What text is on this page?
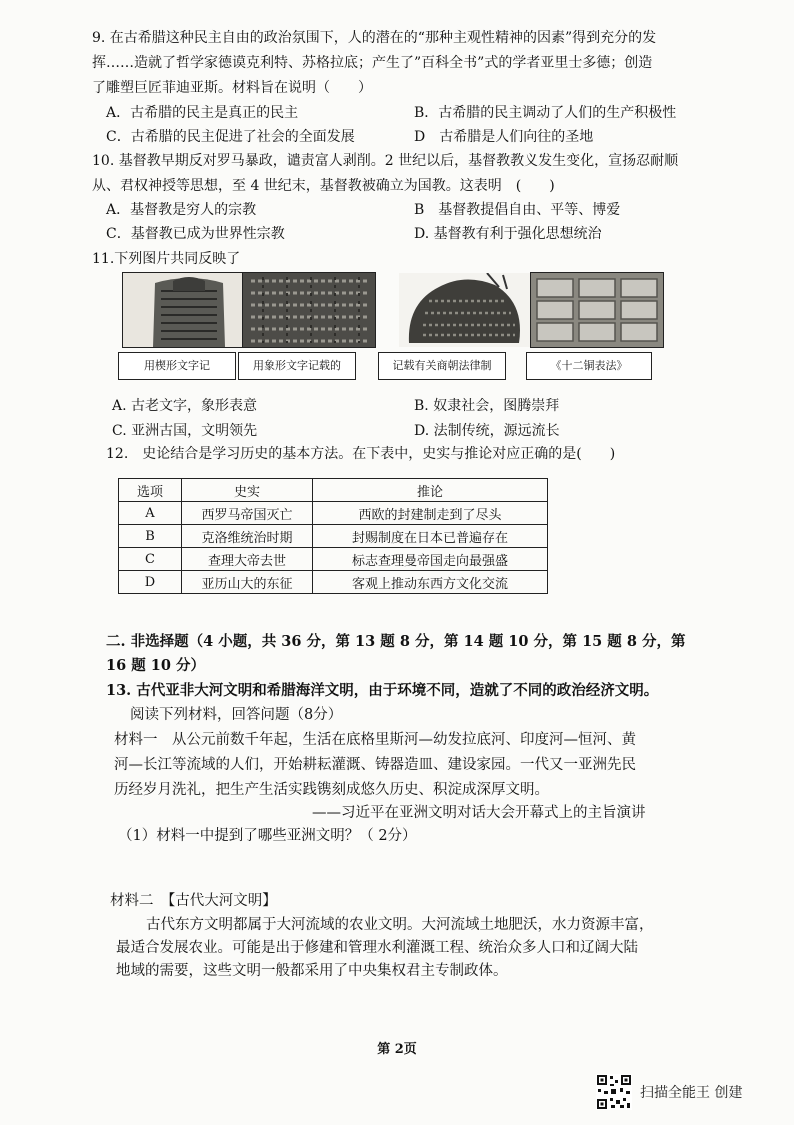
9. 在古希腊这种民主自由的政治氛围下，人的潜在的“那种主观性精神的因素”得到充分的发
挥……造就了哲学家德谟克利特、苏格拉底；产生了”百科全书”式的学者亚里士多德；创造
了雕塑巨匠菲迪亚斯。材料旨在说明（　　）
A．古希腊的民主是真正的民主	B．古希腊的民主调动了人们的生产积极性
C．古希腊的民主促进了社会的全面发展	D　古希腊是人们向往的圣地
10. 基督教早期反对罗马暴政，谴责富人剥削。2 世纪以后，基督教教义发生变化，宣扬忍耐顺
从、君权神授等思想，至 4 世纪末，基督教被确立为国教。这表明　(　　)
A．基督教是穷人的宗教	B　基督教提倡自由、平等、博爱
C．基督教已成为世界性宗教	D. 基督教有利于强化思想统治
11.下列图片共同反映了
用楔形文字记	用象形文字记载的	记载有关商朝法律制	《十二铜表法》
A. 古老文字，象形表意	B. 奴隶社会，图腾崇拜
C. 亚洲古国，文明领先	D. 法制传统，源远流长
12.　史论结合是学习历史的基本方法。在下表中，史实与推论对应正确的是(　　)
选项	史实	推论
A	西罗马帝国灭亡	西欧的封建制走到了尽头
B	克洛维统治时期	封赐制度在日本已普遍存在
C	查理大帝去世	标志查理曼帝国走向最强盛
D	亚历山大的东征	客观上推动东西方文化交流
二. 非选择题（4 小题，共 36 分，第 13 题 8 分，第 14 题 10 分，第 15 题 8 分，第
16 题 10 分）
13. 古代亚非大河文明和希腊海洋文明，由于环境不同，造就了不同的政治经济文明。
阅读下列材料，回答问题（8分）
材料一　从公元前数千年起，生活在底格里斯河—幼发拉底河、印度河—恒河、黄
河—长江等流域的人们，开始耕耘灌溉、铸器造皿、建设家园。一代又一亚洲先民
历经岁月洗礼，把生产生活实践镌刻成悠久历史、积淀成深厚文明。
——习近平在亚洲文明对话大会开幕式上的主旨演讲
（1）材料一中提到了哪些亚洲文明？（ 2分）
材料二　【古代大河文明】
古代东方文明都属于大河流域的农业文明。大河流域土地肥沃，水力资源丰富，
最适合发展农业。可能是出于修建和管理水利灌溉工程、统治众多人口和辽阔大陆
地域的需要，这些文明一般都采用了中央集权君主专制政体。
第 2页
扫描全能王 创建
